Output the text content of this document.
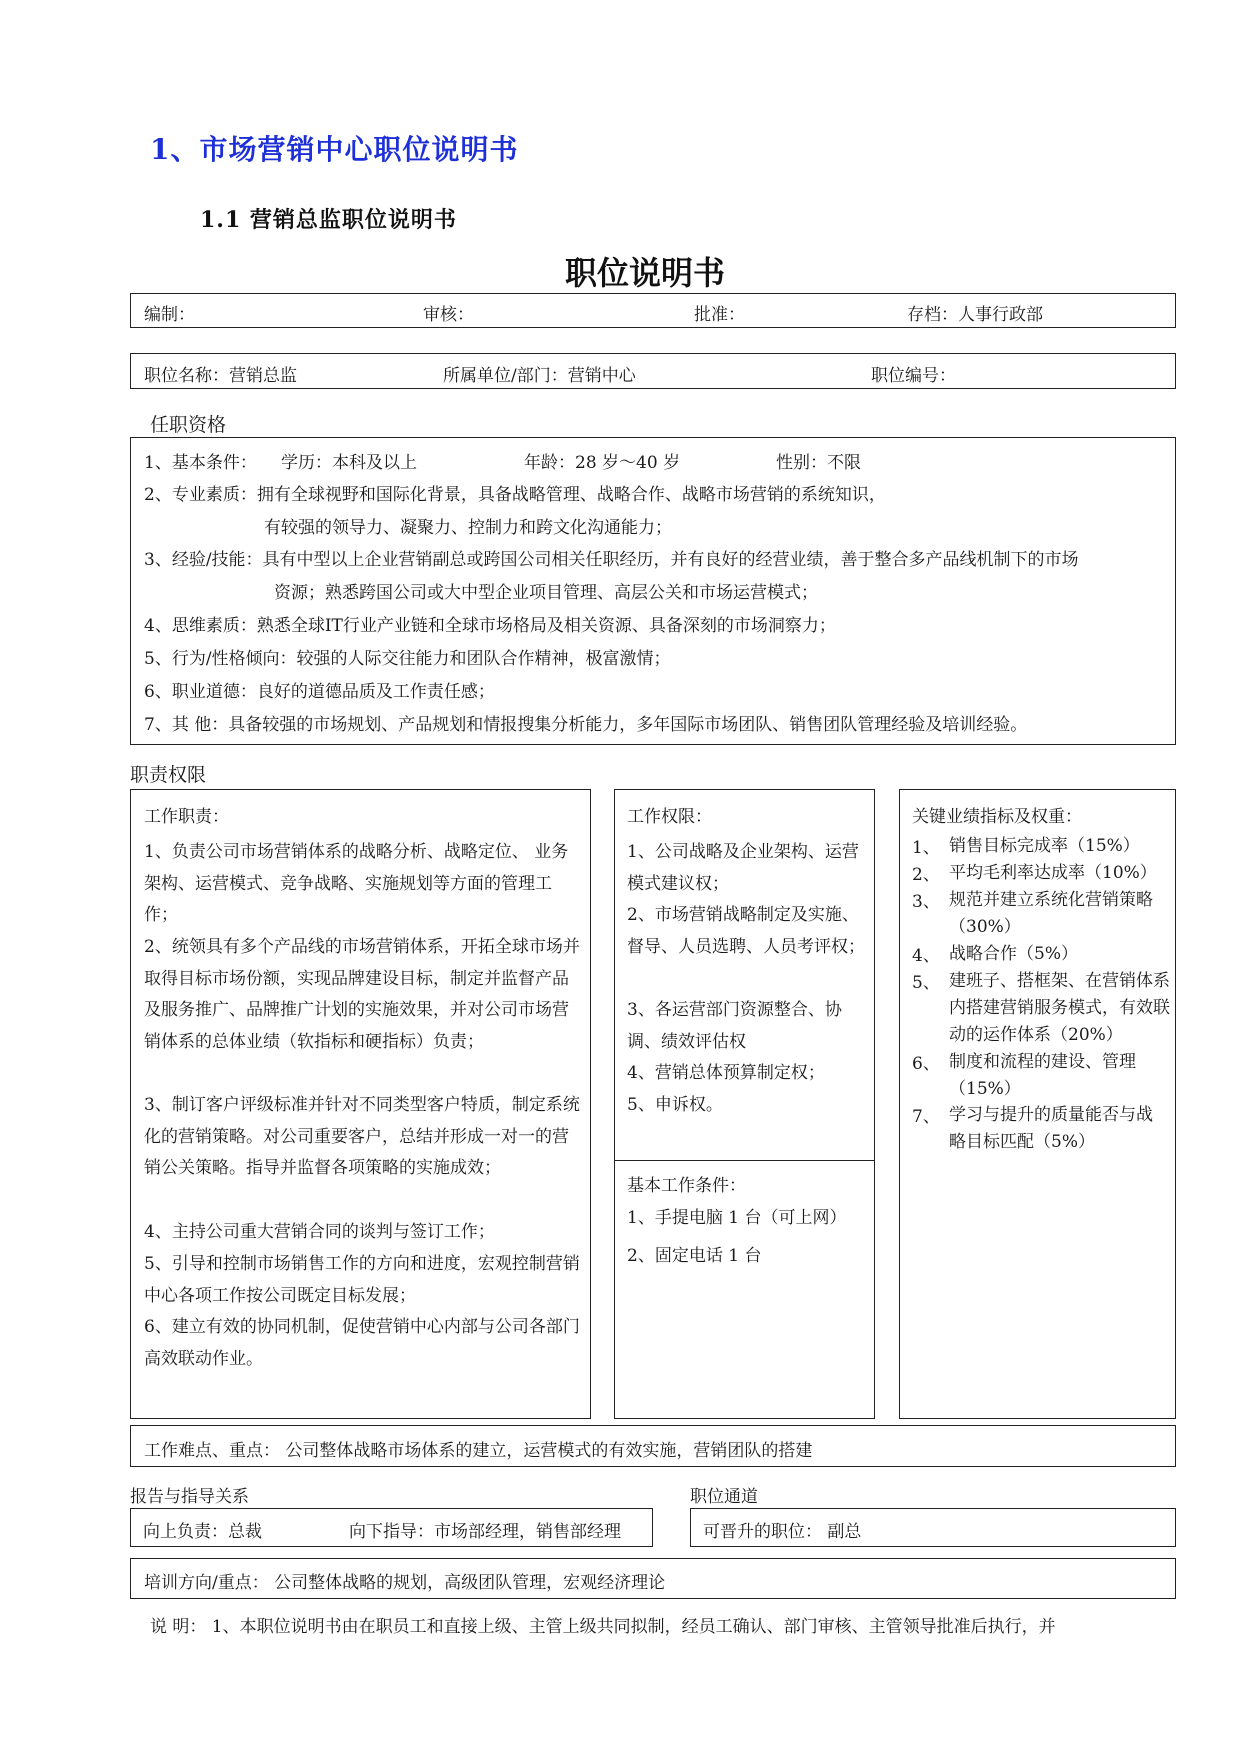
1、市场营销中心职位说明书
1.1 营销总监职位说明书
职位说明书
编制：	审核：	批准：	存档：人事行政部
职位名称：营销总监	所属单位/部门：营销中心	职位编号：
任职资格
1、基本条件： 学历：本科及以上	年龄：28 岁～40 岁	性别：不限
2、专业素质：拥有全球视野和国际化背景，具备战略管理、战略合作、战略市场营销的系统知识，
有较强的领导力、凝聚力、控制力和跨文化沟通能力；
3、经验/技能：具有中型以上企业营销副总或跨国公司相关任职经历，并有良好的经营业绩，善于整合多产品线机制下的市场
资源；熟悉跨国公司或大中型企业项目管理、高层公关和市场运营模式；
4、思维素质：熟悉全球IT行业产业链和全球市场格局及相关资源、具备深刻的市场洞察力；
5、行为/性格倾向：较强的人际交往能力和团队合作精神，极富激情；
6、职业道德：良好的道德品质及工作责任感；
7、其 他：具备较强的市场规划、产品规划和情报搜集分析能力，多年国际市场团队、销售团队管理经验及培训经验。
职责权限
工作职责：
1、负责公司市场营销体系的战略分析、战略定位、 业务架构、运营模式、竞争战略、实施规划等方面的管理工作；
2、统领具有多个产品线的市场营销体系，开拓全球市场并取得目标市场份额，实现品牌建设目标，制定并监督产品及服务推广、品牌推广计划的实施效果，并对公司市场营销体系的总体业绩（软指标和硬指标）负责；
3、制订客户评级标准并针对不同类型客户特质，制定系统化的营销策略。对公司重要客户，总结并形成一对一的营销公关策略。指导并监督各项策略的实施成效；
4、主持公司重大营销合同的谈判与签订工作；
5、引导和控制市场销售工作的方向和进度，宏观控制营销中心各项工作按公司既定目标发展；
6、建立有效的协同机制，促使营销中心内部与公司各部门高效联动作业。
工作权限：
1、公司战略及企业架构、运营模式建议权；
2、市场营销战略制定及实施、督导、人员选聘、人员考评权；
3、各运营部门资源整合、协调、绩效评估权
4、营销总体预算制定权；
5、申诉权。
基本工作条件：
1、手提电脑 1 台（可上网）
2、固定电话 1 台
关键业绩指标及权重：
1、 销售目标完成率（15%）
2、 平均毛利率达成率（10%）
3、 规范并建立系统化营销策略（30%）
4、 战略合作（5%）
5、 建班子、搭框架、在营销体系内搭建营销服务模式，有效联动的运作体系（20%）
6、 制度和流程的建设、管理（15%）
7、 学习与提升的质量能否与战略目标匹配（5%）
工作难点、重点： 公司整体战略市场体系的建立，运营模式的有效实施，营销团队的搭建
报告与指导关系	职位通道
向上负责：总裁	向下指导：市场部经理，销售部经理	可晋升的职位： 副总
培训方向/重点： 公司整体战略的规划，高级团队管理，宏观经济理论
说 明： 1、本职位说明书由在职员工和直接上级、主管上级共同拟制，经员工确认、部门审核、主管领导批准后执行，并
